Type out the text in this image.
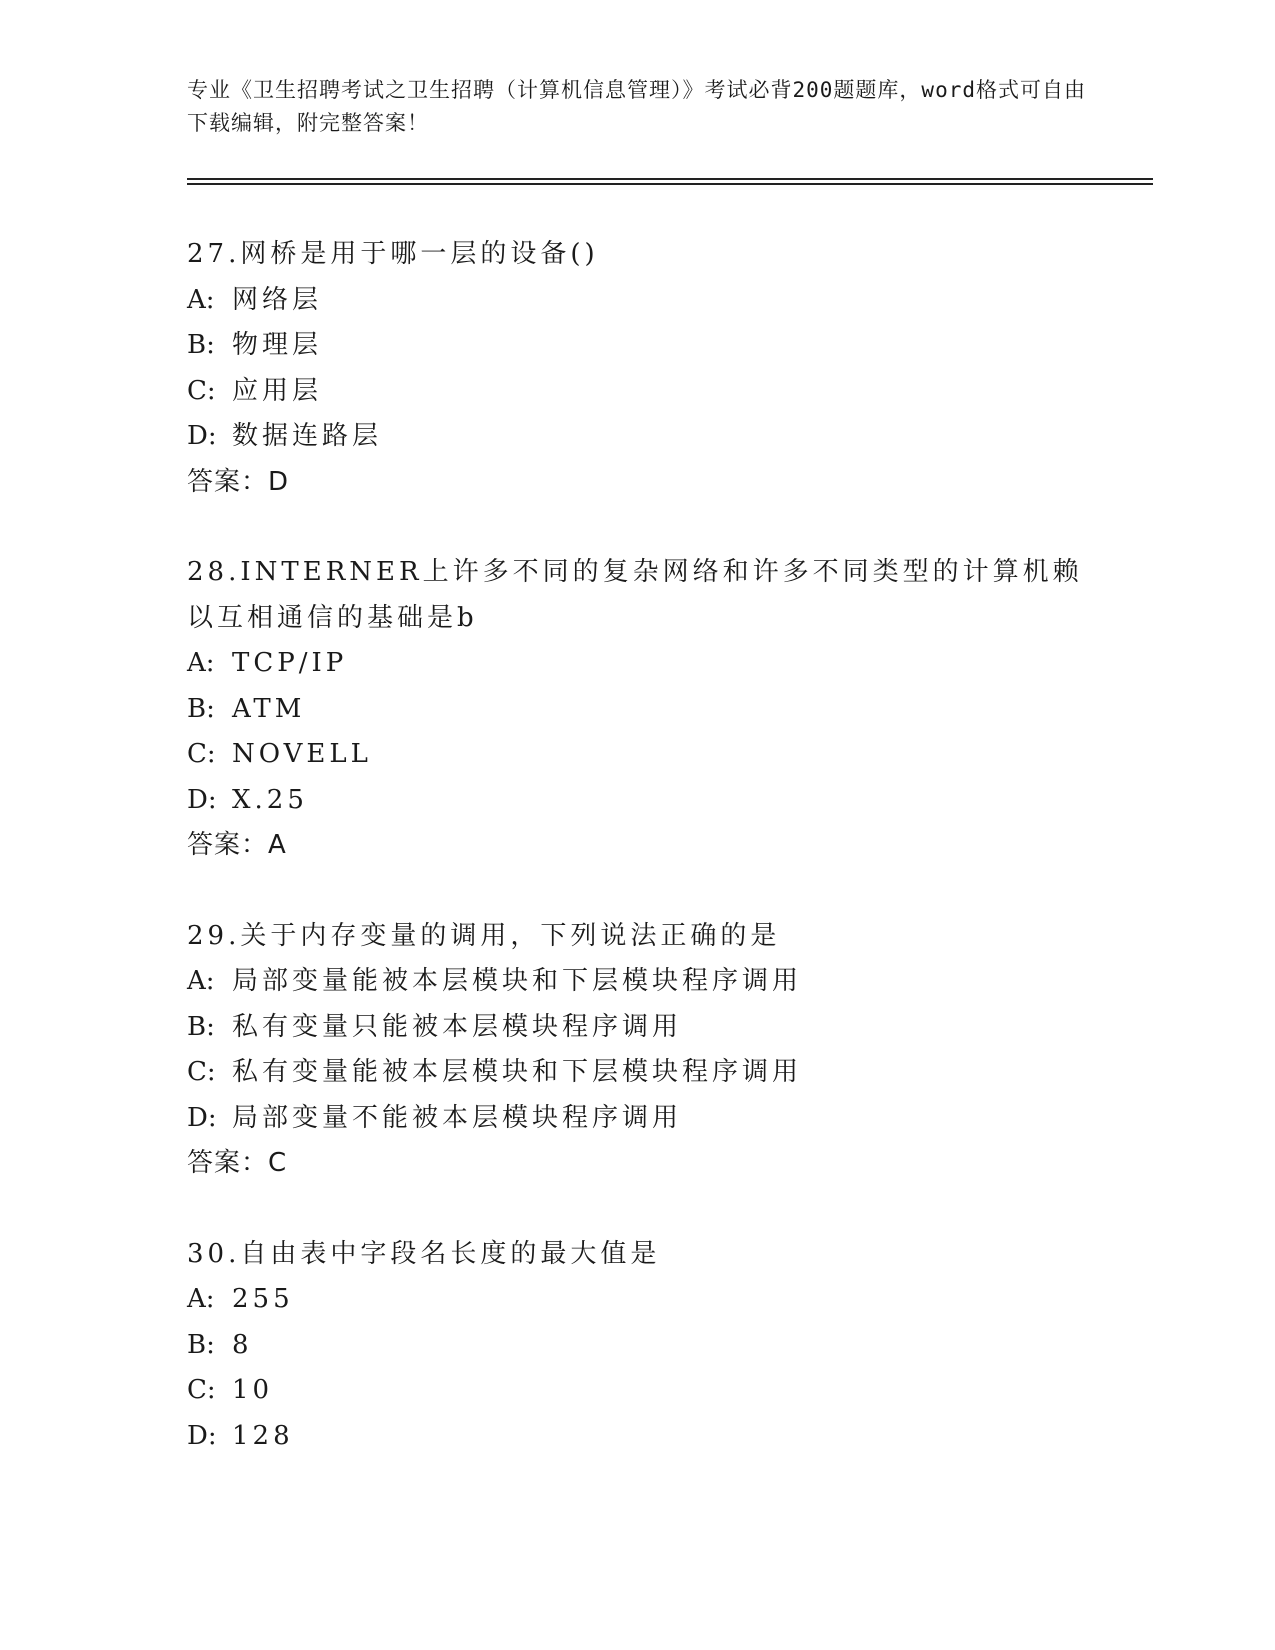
专业《卫生招聘考试之卫生招聘（计算机信息管理）》考试必背200题题库，word格式可自由下载编辑，附完整答案！
27.网桥是用于哪一层的设备()
A: 网络层
B: 物理层
C: 应用层
D: 数据连路层
答案：D
28.INTERNER上许多不同的复杂网络和许多不同类型的计算机赖以互相通信的基础是b
A: TCP/IP
B: ATM
C: NOVELL
D: X.25
答案：A
29.关于内存变量的调用，下列说法正确的是
A: 局部变量能被本层模块和下层模块程序调用
B: 私有变量只能被本层模块程序调用
C: 私有变量能被本层模块和下层模块程序调用
D: 局部变量不能被本层模块程序调用
答案：C
30.自由表中字段名长度的最大值是
A: 255
B: 8
C: 10
D: 128
